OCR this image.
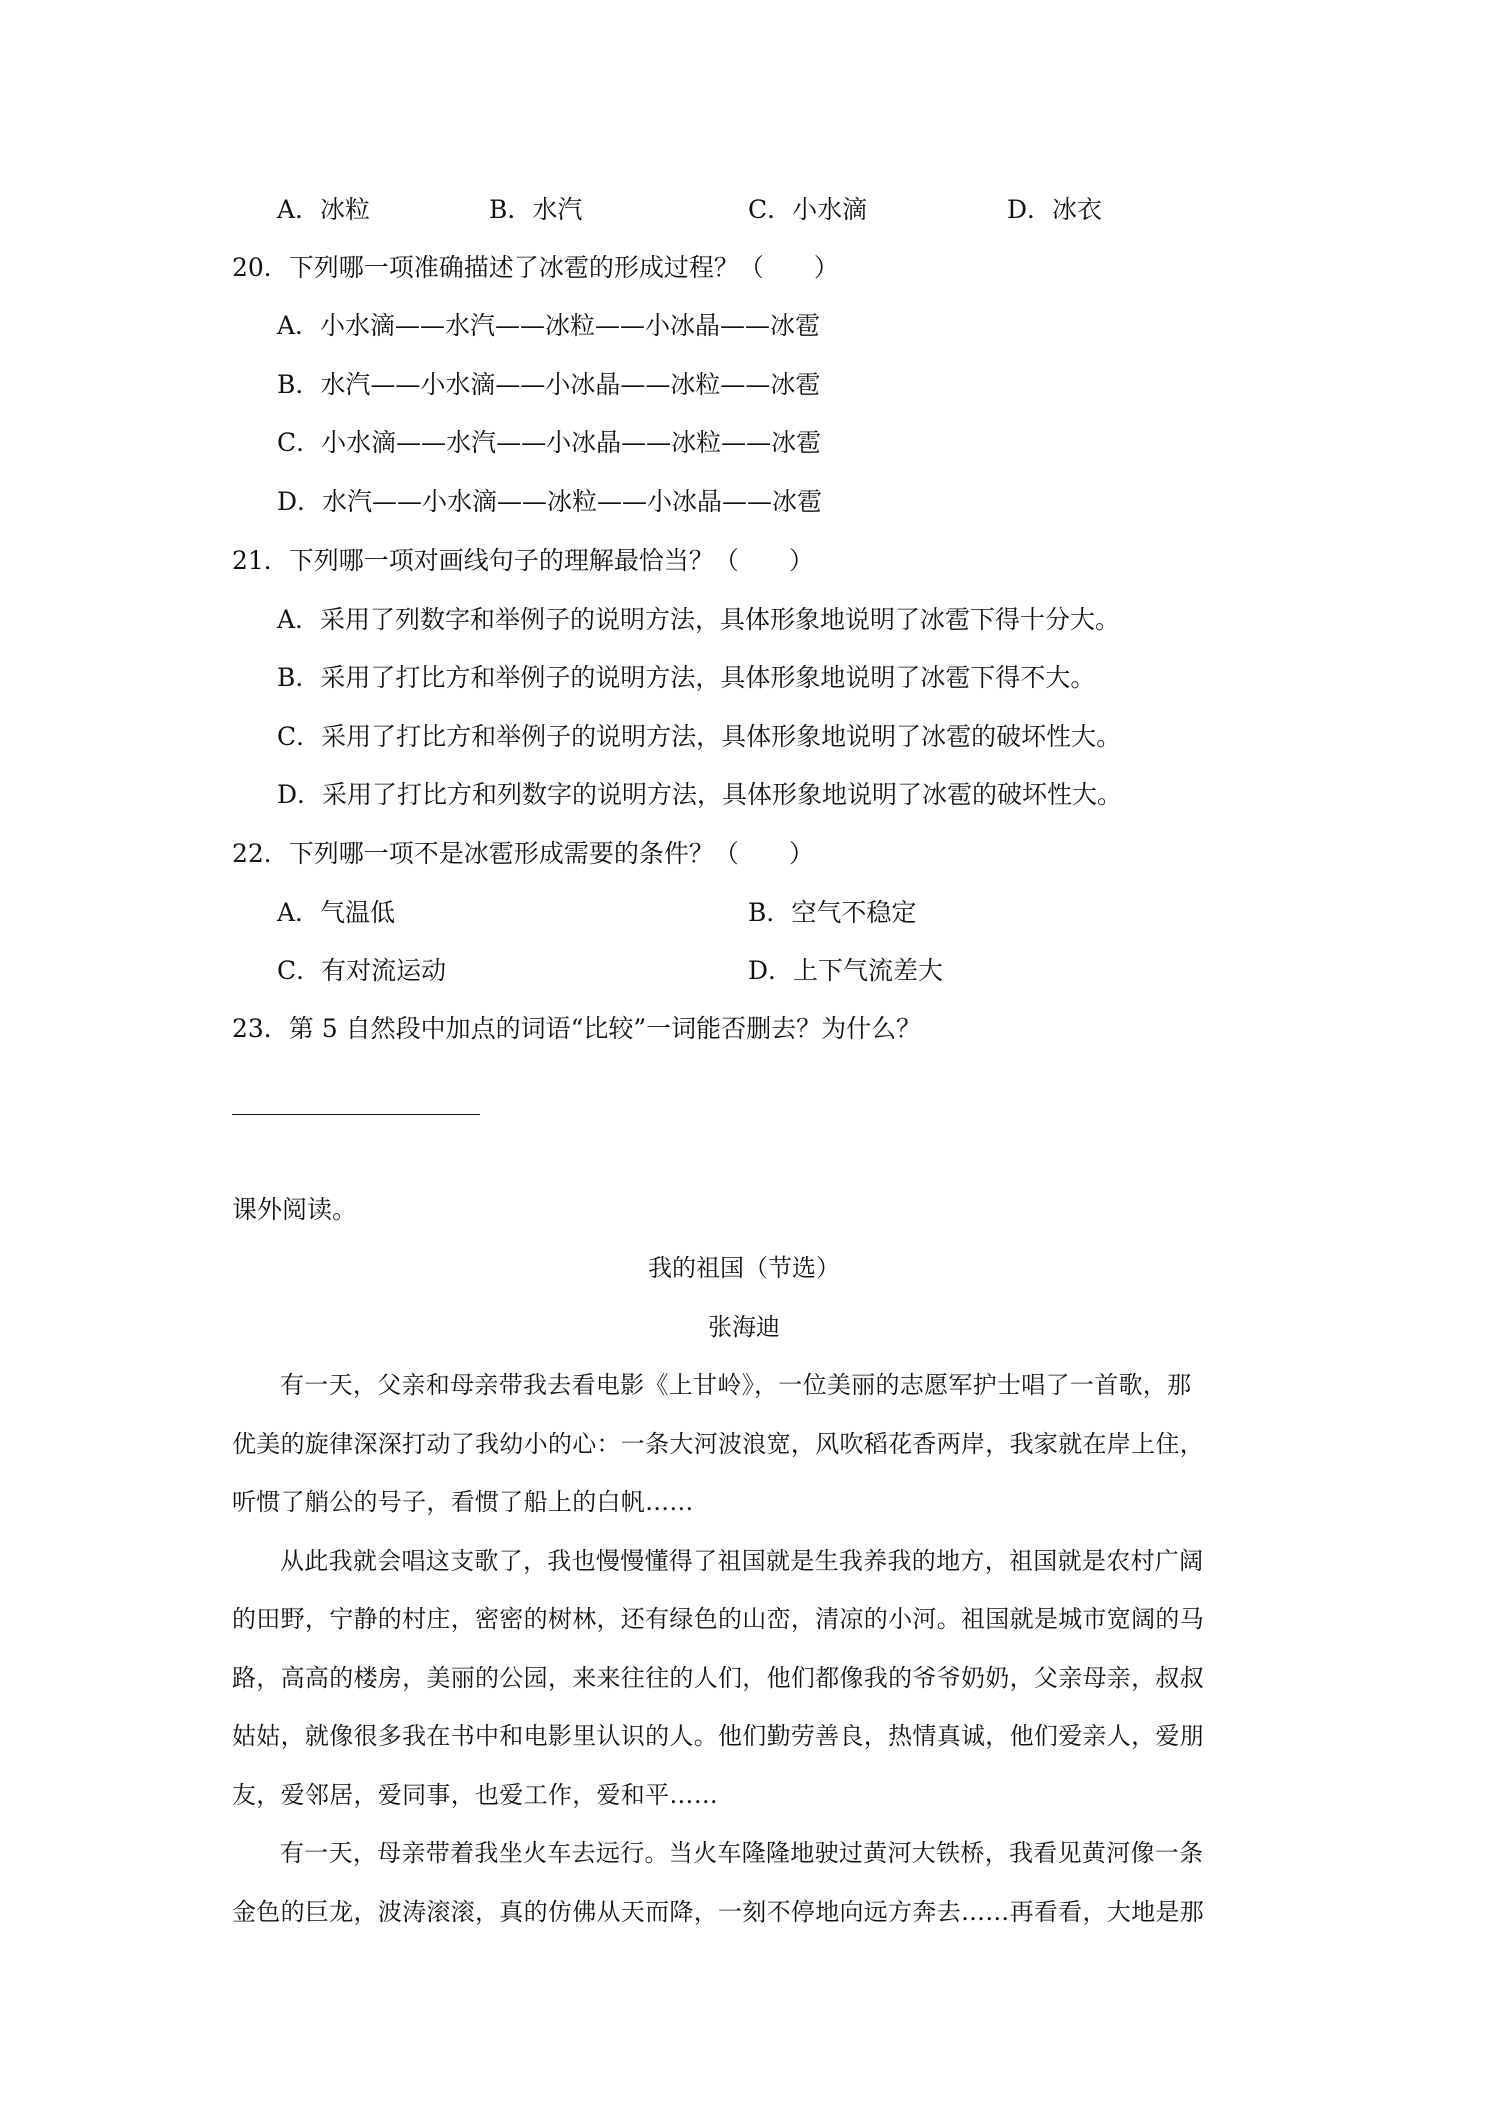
A．冰粒	B．水汽	C．小水滴	D．冰衣
20．下列哪一项准确描述了冰雹的形成过程？（　　）
A．小水滴——水汽——冰粒——小冰晶——冰雹
B．水汽——小水滴——小冰晶——冰粒——冰雹
C．小水滴——水汽——小冰晶——冰粒——冰雹
D．水汽——小水滴——冰粒——小冰晶——冰雹
21．下列哪一项对画线句子的理解最恰当？（　　）
A．采用了列数字和举例子的说明方法，具体形象地说明了冰雹下得十分大。
B．采用了打比方和举例子的说明方法，具体形象地说明了冰雹下得不大。
C．采用了打比方和举例子的说明方法，具体形象地说明了冰雹的破坏性大。
D．采用了打比方和列数字的说明方法，具体形象地说明了冰雹的破坏性大。
22．下列哪一项不是冰雹形成需要的条件？（　　）
A．气温低	B．空气不稳定
C．有对流运动	D．上下气流差大
23．第 5 自然段中加点的词语“比较”一词能否删去？为什么？
课外阅读。
我的祖国（节选）
张海迪
有一天，父亲和母亲带我去看电影《上甘岭》，一位美丽的志愿军护士唱了一首歌，那
优美的旋律深深打动了我幼小的心：一条大河波浪宽，风吹稻花香两岸，我家就在岸上住，
听惯了艄公的号子，看惯了船上的白帆……
从此我就会唱这支歌了，我也慢慢懂得了祖国就是生我养我的地方，祖国就是农村广阔
的田野，宁静的村庄，密密的树林，还有绿色的山峦，清凉的小河。祖国就是城市宽阔的马
路，高高的楼房，美丽的公园，来来往往的人们，他们都像我的爷爷奶奶，父亲母亲，叔叔
姑姑，就像很多我在书中和电影里认识的人。他们勤劳善良，热情真诚，他们爱亲人，爱朋
友，爱邻居，爱同事，也爱工作，爱和平……
有一天，母亲带着我坐火车去远行。当火车隆隆地驶过黄河大铁桥，我看见黄河像一条
金色的巨龙，波涛滚滚，真的仿佛从天而降，一刻不停地向远方奔去……再看看，大地是那
